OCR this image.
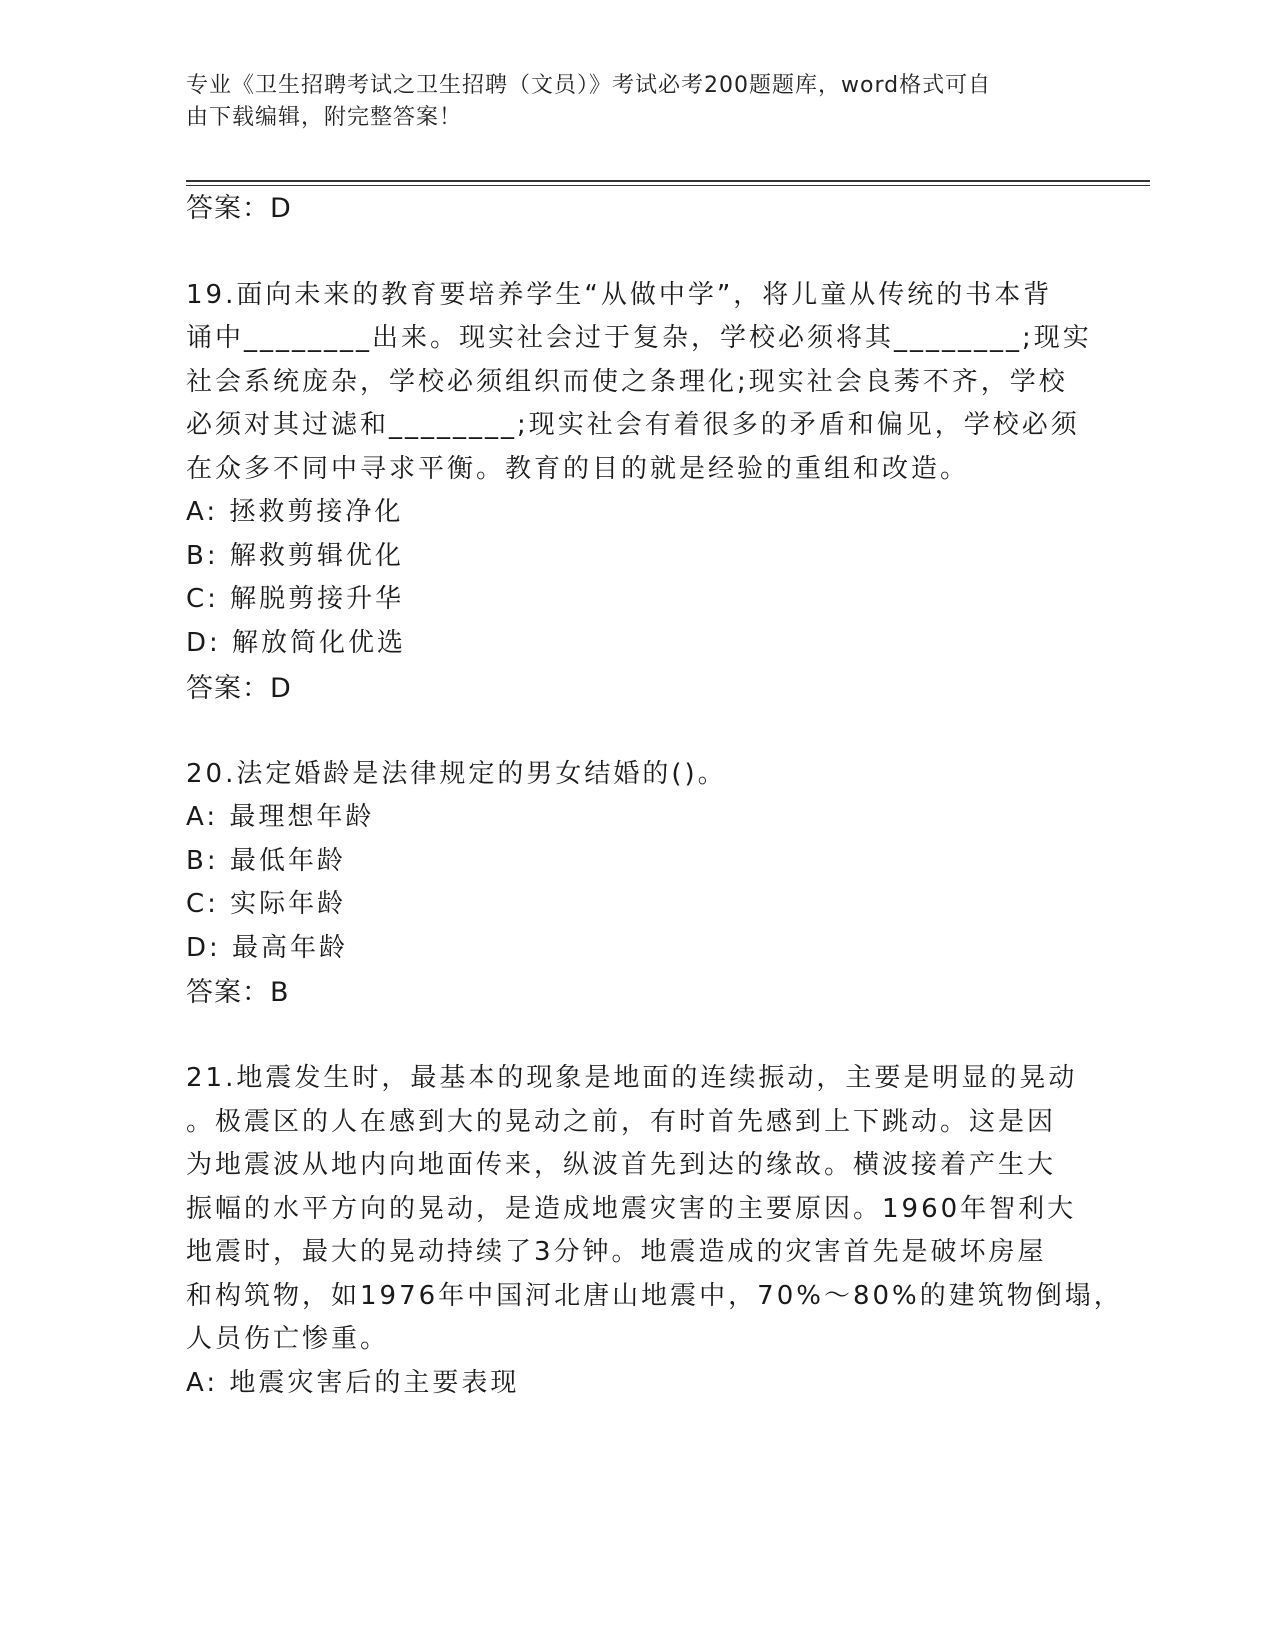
专业《卫生招聘考试之卫生招聘（文员）》考试必考200题题库，word格式可自
由下载编辑，附完整答案！
答案：D
19.面向未来的教育要培养学生“从做中学”，将儿童从传统的书本背
诵中________出来。现实社会过于复杂，学校必须将其________;现实
社会系统庞杂，学校必须组织而使之条理化;现实社会良莠不齐，学校
必须对其过滤和________;现实社会有着很多的矛盾和偏见，学校必须
在众多不同中寻求平衡。教育的目的就是经验的重组和改造。
A: 拯救剪接净化
B: 解救剪辑优化
C: 解脱剪接升华
D: 解放简化优选
答案：D
20.法定婚龄是法律规定的男女结婚的()。
A: 最理想年龄
B: 最低年龄
C: 实际年龄
D: 最高年龄
答案：B
21.地震发生时，最基本的现象是地面的连续振动，主要是明显的晃动
。极震区的人在感到大的晃动之前，有时首先感到上下跳动。这是因
为地震波从地内向地面传来，纵波首先到达的缘故。横波接着产生大
振幅的水平方向的晃动，是造成地震灾害的主要原因。1960年智利大
地震时，最大的晃动持续了3分钟。地震造成的灾害首先是破坏房屋
和构筑物，如1976年中国河北唐山地震中，70%～80%的建筑物倒塌，
人员伤亡惨重。
A: 地震灾害后的主要表现
